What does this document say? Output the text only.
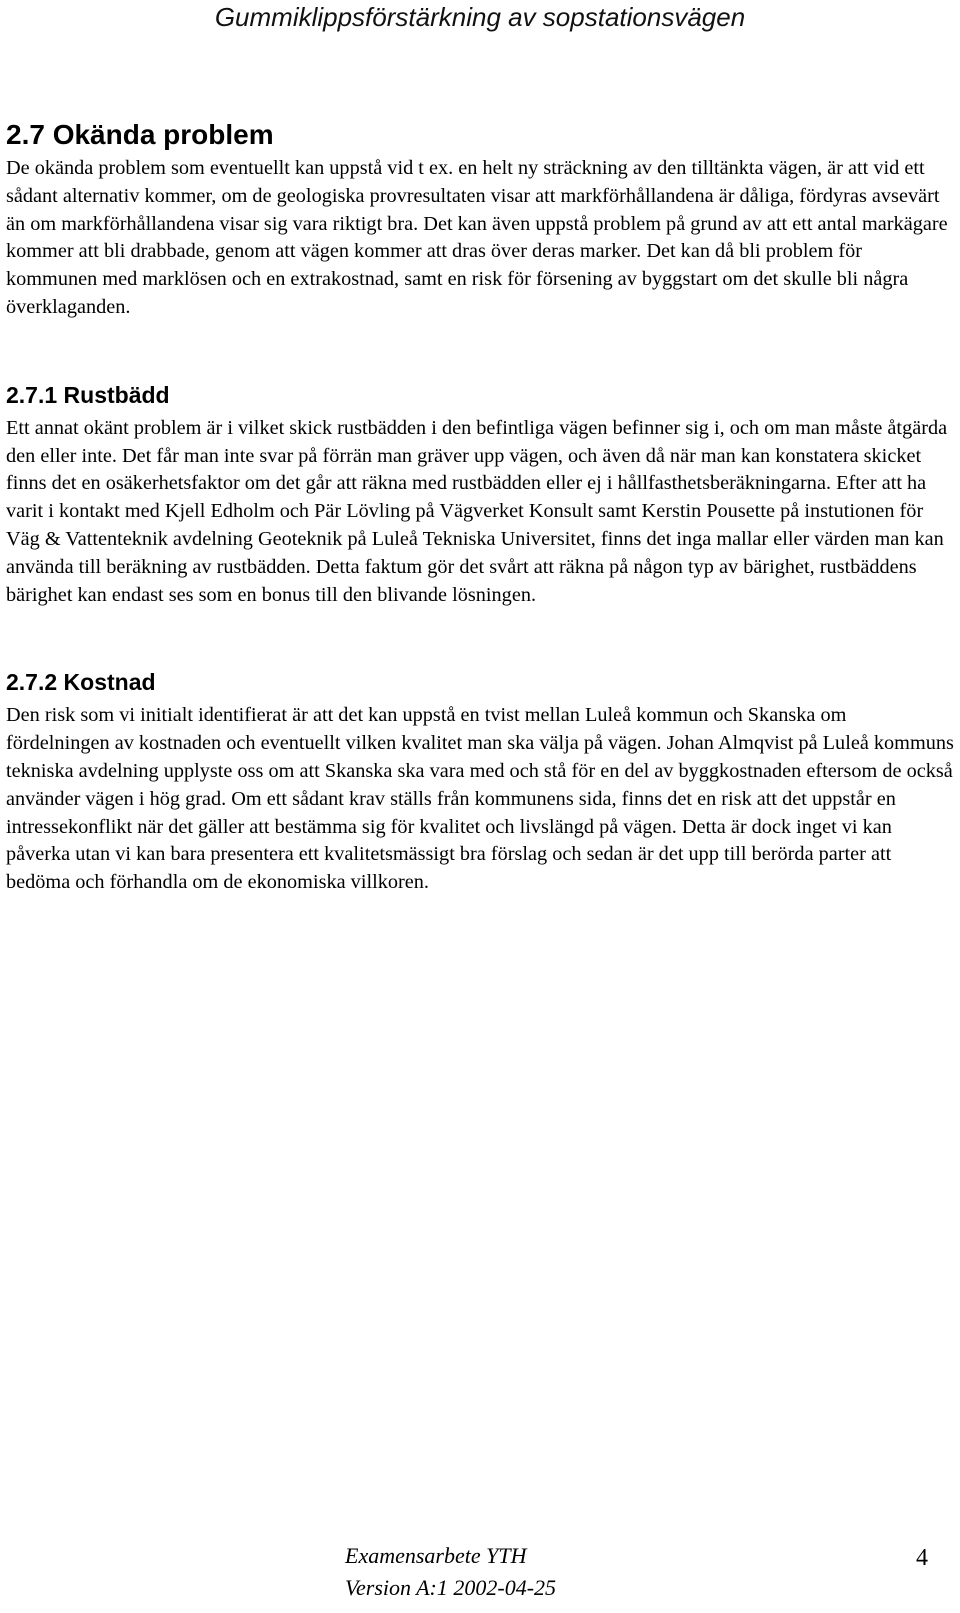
Gummiklippsförstärkning av sopstationsvägen
2.7 Okända problem

De okända problem som eventuellt kan uppstå vid t ex. en helt ny sträckning av den tilltänkta vägen, är att vid ett sådant alternativ kommer, om de geologiska provresultaten visar att markförhållandena är dåliga, fördyras avsevärt än om markförhållandena visar sig vara riktigt bra. Det kan även uppstå problem på grund av att ett antal markägare kommer att bli drabbade, genom att vägen kommer att dras över deras marker. Det kan då bli problem för kommunen med marklösen och en extrakostnad, samt en risk för försening av byggstart om det skulle bli några överklaganden.

2.7.1 Rustbädd

Ett annat okänt problem är i vilket skick rustbädden i den befintliga vägen befinner sig i, och om man måste åtgärda den eller inte. Det får man inte svar på förrän man gräver upp vägen, och även då när man kan konstatera skicket finns det en osäkerhetsfaktor om det går att räkna med rustbädden eller ej i hållfasthetsberäkningarna. Efter att ha varit i kontakt med Kjell Edholm och Pär Lövling på Vägverket Konsult samt Kerstin Pousette på instutionen för Väg & Vattenteknik avdelning Geoteknik på Luleå Tekniska Universitet, finns det inga mallar eller värden man kan använda till beräkning av rustbädden. Detta faktum gör det svårt att räkna på någon typ av bärighet, rustbäddens bärighet kan endast ses som en bonus till den blivande lösningen.

2.7.2 Kostnad

Den risk som vi initialt identifierat är att det kan uppstå en tvist mellan Luleå kommun och Skanska om fördelningen av kostnaden och eventuellt vilken kvalitet man ska välja på vägen. Johan Almqvist på Luleå kommuns tekniska avdelning upplyste oss om att Skanska ska vara med och stå för en del av byggkostnaden eftersom de också använder vägen i hög grad. Om ett sådant krav ställs från kommunens sida, finns det en risk att det uppstår en intressekonflikt när det gäller att bestämma sig för kvalitet och livslängd på vägen. Detta är dock inget vi kan påverka utan vi kan bara presentera ett kvalitetsmässigt bra förslag och sedan är det upp till berörda parter att bedöma och förhandla om de ekonomiska villkoren.

Examensarbete YTH
Version A:1 2002-04-25
4
